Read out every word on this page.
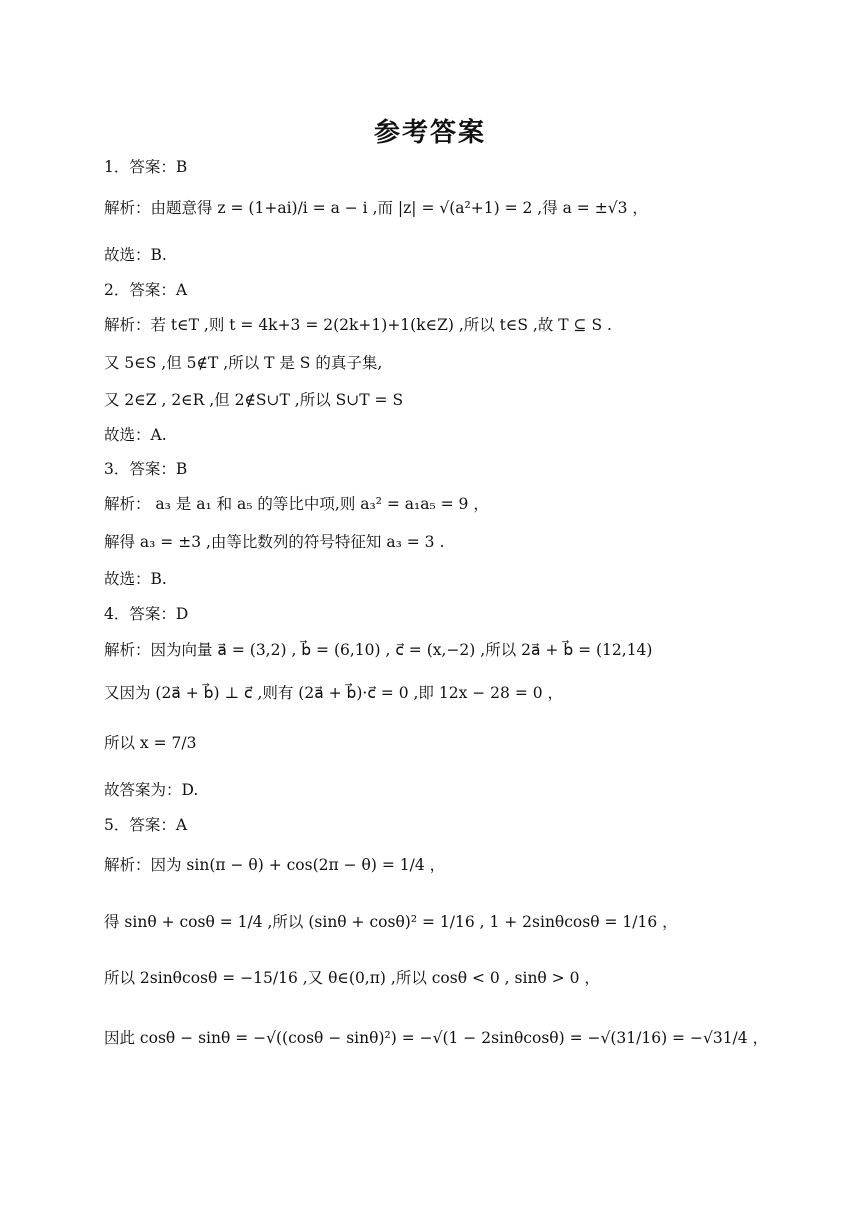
参考答案
1．答案：B
解析：由题意得 z = (1+ai)/i = a − i ,而 |z| = √(a²+1) = 2 ,得 a = ±√3 ，
故选：B.
2．答案：A
解析：若 t∈T ,则 t = 4k+3 = 2(2k+1)+1(k∈Z) ,所以 t∈S ,故 T ⊆ S .
又 5∈S ,但 5∉T ,所以 T 是 S 的真子集,
又 2∈Z , 2∈R ,但 2∉S∪T ,所以 S∪T = S
故选：A.
3．答案：B
解析： a₃ 是 a₁ 和 a₅ 的等比中项,则 a₃² = a₁a₅ = 9 ，
解得 a₃ = ±3 ,由等比数列的符号特征知 a₃ = 3 .
故选：B.
4．答案：D
解析：因为向量 a⃗ = (3,2) , b⃗ = (6,10) , c⃗ = (x,−2) ,所以 2a⃗ + b⃗ = (12,14)
又因为 (2a⃗ + b⃗) ⊥ c⃗ ,则有 (2a⃗ + b⃗)·c⃗ = 0 ,即 12x − 28 = 0 ，
所以 x = 7/3
故答案为：D.
5．答案：A
解析：因为 sin(π − θ) + cos(2π − θ) = 1/4 ，
得 sinθ + cosθ = 1/4 ,所以 (sinθ + cosθ)² = 1/16 , 1 + 2sinθcosθ = 1/16 ，
所以 2sinθcosθ = −15/16 ,又 θ∈(0,π) ,所以 cosθ < 0 , sinθ > 0 ，
因此 cosθ − sinθ = −√((cosθ − sinθ)²) = −√(1 − 2sinθcosθ) = −√(31/16) = −√31/4 ，
